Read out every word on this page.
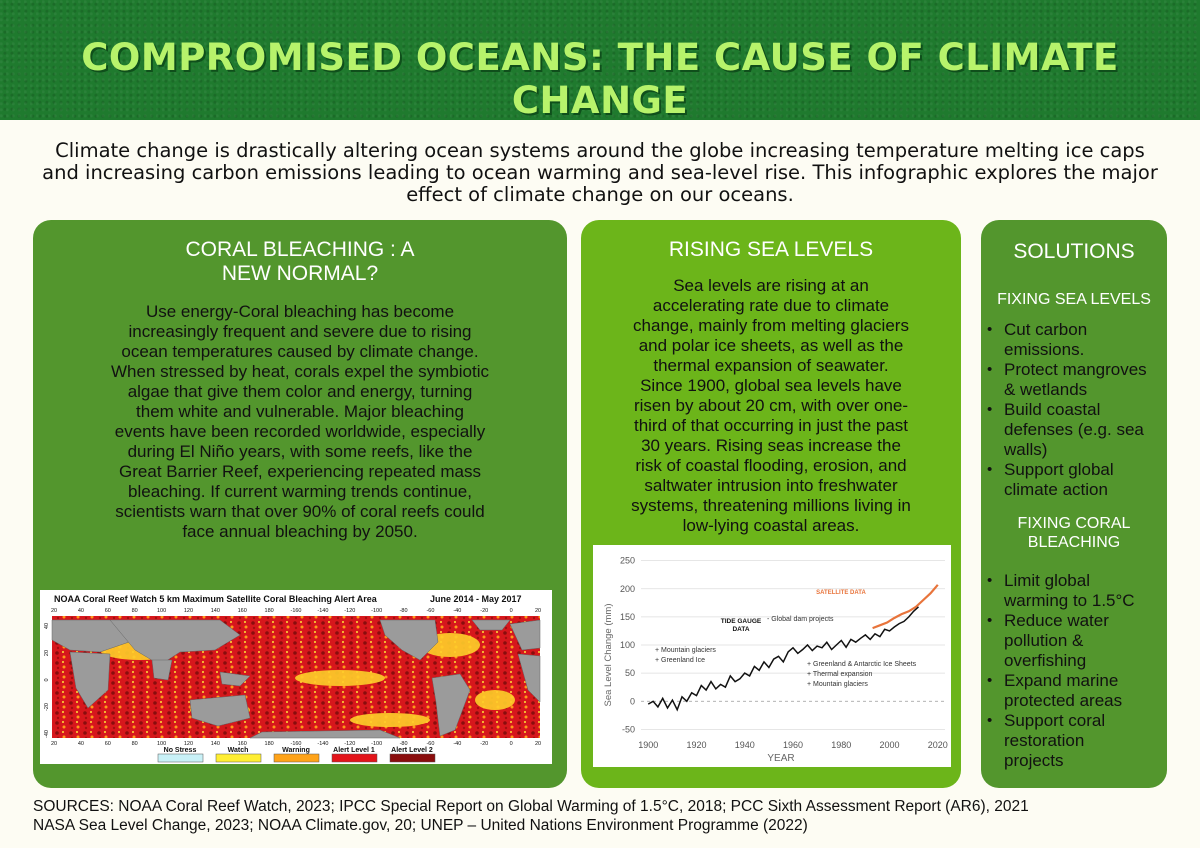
COMPROMISED OCEANS: THE CAUSE OF CLIMATE CHANGE
Climate change is drastically altering ocean systems around the globe increasing temperature melting ice caps
and increasing carbon emissions leading to ocean warming and sea-level rise. This infographic explores the major
effect of climate change on our oceans.
CORAL BLEACHING : A
NEW NORMAL?
Use energy-Coral bleaching has become
increasingly frequent and severe due to rising
ocean temperatures caused by climate change.
When stressed by heat, corals expel the symbiotic
algae that give them color and energy, turning
them white and vulnerable. Major bleaching
events have been recorded worldwide, especially
during El Niño years, with some reefs, like the
Great Barrier Reef, experiencing repeated mass
bleaching. If current warming trends continue,
scientists warn that over 90% of coral reefs could
face annual bleaching by 2050.
NOAA Coral Reef Watch 5 km Maximum Satellite Coral Bleaching Alert Area	June 2014 - May 2017
20	40	60	80	100	120	140	160	180	-160	-140	-120	-100	-80	-60	-40	-20	0	20
40
20
0
-20
-40
20	40	60	80	100	120	140	160	180	-160	-140	-120	-100	-80	-60	-40	-20	0	20
No Stress	Watch	Warning	Alert Level 1 Alert Level 2
RISING SEA LEVELS
Sea levels are rising at an
accelerating rate due to climate
change, mainly from melting glaciers
and polar ice sheets, as well as the
thermal expansion of seawater.
Since 1900, global sea levels have
risen by about 20 cm, with over one-
third of that occurring in just the past
30 years. Rising seas increase the
risk of coastal flooding, erosion, and
saltwater intrusion into freshwater
systems, threatening millions living in
low-lying coastal areas.
-50
0
50
100
150
200
250
1900	1920	1940	1960	1980	2000	2020
Sea Level Change (mm)
YEAR
TIDE GAUGE
DATA
SATELLITE DATA
- Global dam projects
+ Mountain glaciers
+ Greenland Ice
+ Greenland & Antarctic Ice Sheets
+ Thermal expansion
+ Mountain glaciers
SOLUTIONS
FIXING SEA LEVELS
• Cut carbon
emissions.
• Protect mangroves
& wetlands
• Build coastal
defenses (e.g. sea
walls)
• Support global
climate action
FIXING CORAL
BLEACHING
• Limit global
warming to 1.5°C
• Reduce water
pollution &
overfishing
• Expand marine
protected areas
• Support coral
restoration
projects
SOURCES: NOAA Coral Reef Watch, 2023; IPCC Special Report on Global Warming of 1.5°C, 2018; PCC Sixth Assessment Report (AR6), 2021
NASA Sea Level Change, 2023; NOAA Climate.gov, 20; UNEP – United Nations Environment Programme (2022)
